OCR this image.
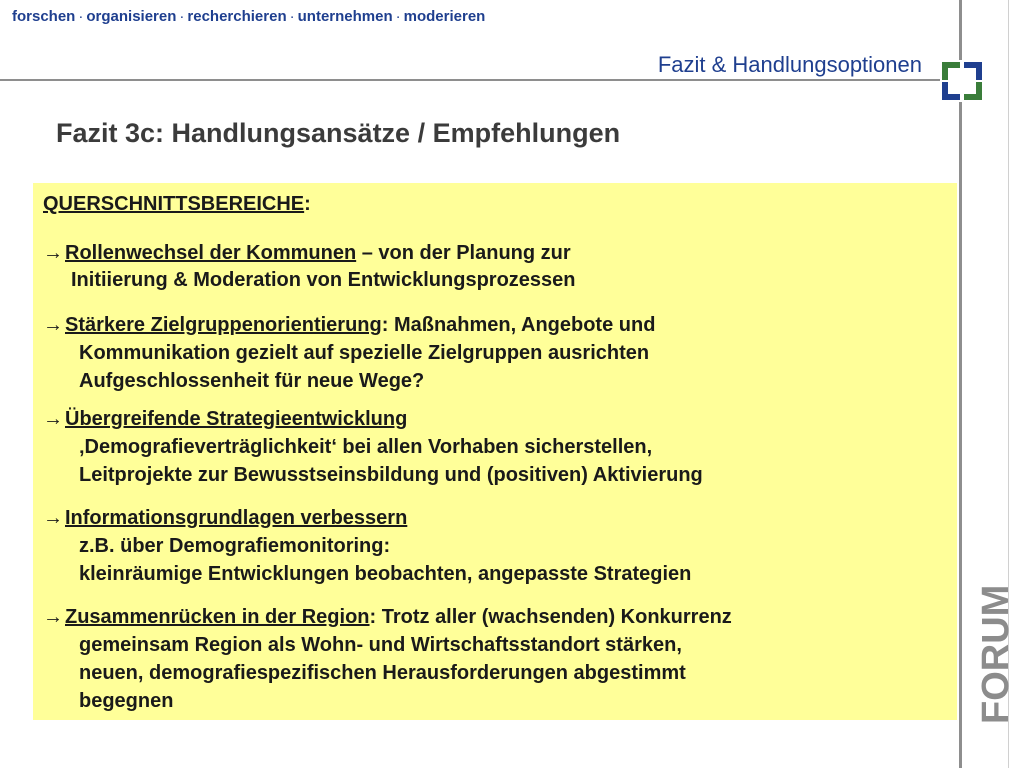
forschen · organisieren · recherchieren · unternehmen · moderieren
Fazit & Handlungsoptionen
Fazit 3c: Handlungsansätze / Empfehlungen
QUERSCHNITTSBEREICHE:
→ Rollenwechsel der Kommunen – von der Planung zur
Initiierung & Moderation von Entwicklungsprozessen
→ Stärkere Zielgruppenorientierung: Maßnahmen, Angebote und
Kommunikation gezielt auf spezielle Zielgruppen ausrichten
Aufgeschlossenheit für neue Wege?
→ Übergreifende Strategieentwicklung
‚Demografieverträglichkeit‘ bei allen Vorhaben sicherstellen,
Leitprojekte zur Bewusstseinsbildung und (positiven) Aktivierung
→ Informationsgrundlagen verbessern
z.B. über Demografiemonitoring:
kleinräumige Entwicklungen beobachten, angepasste Strategien
→ Zusammenrücken in der Region: Trotz aller (wachsenden) Konkurrenz
gemeinsam Region als Wohn- und Wirtschaftsstandort stärken,
neuen, demografiespezifischen Herausforderungen abgestimmt
begegnen	FORUM
